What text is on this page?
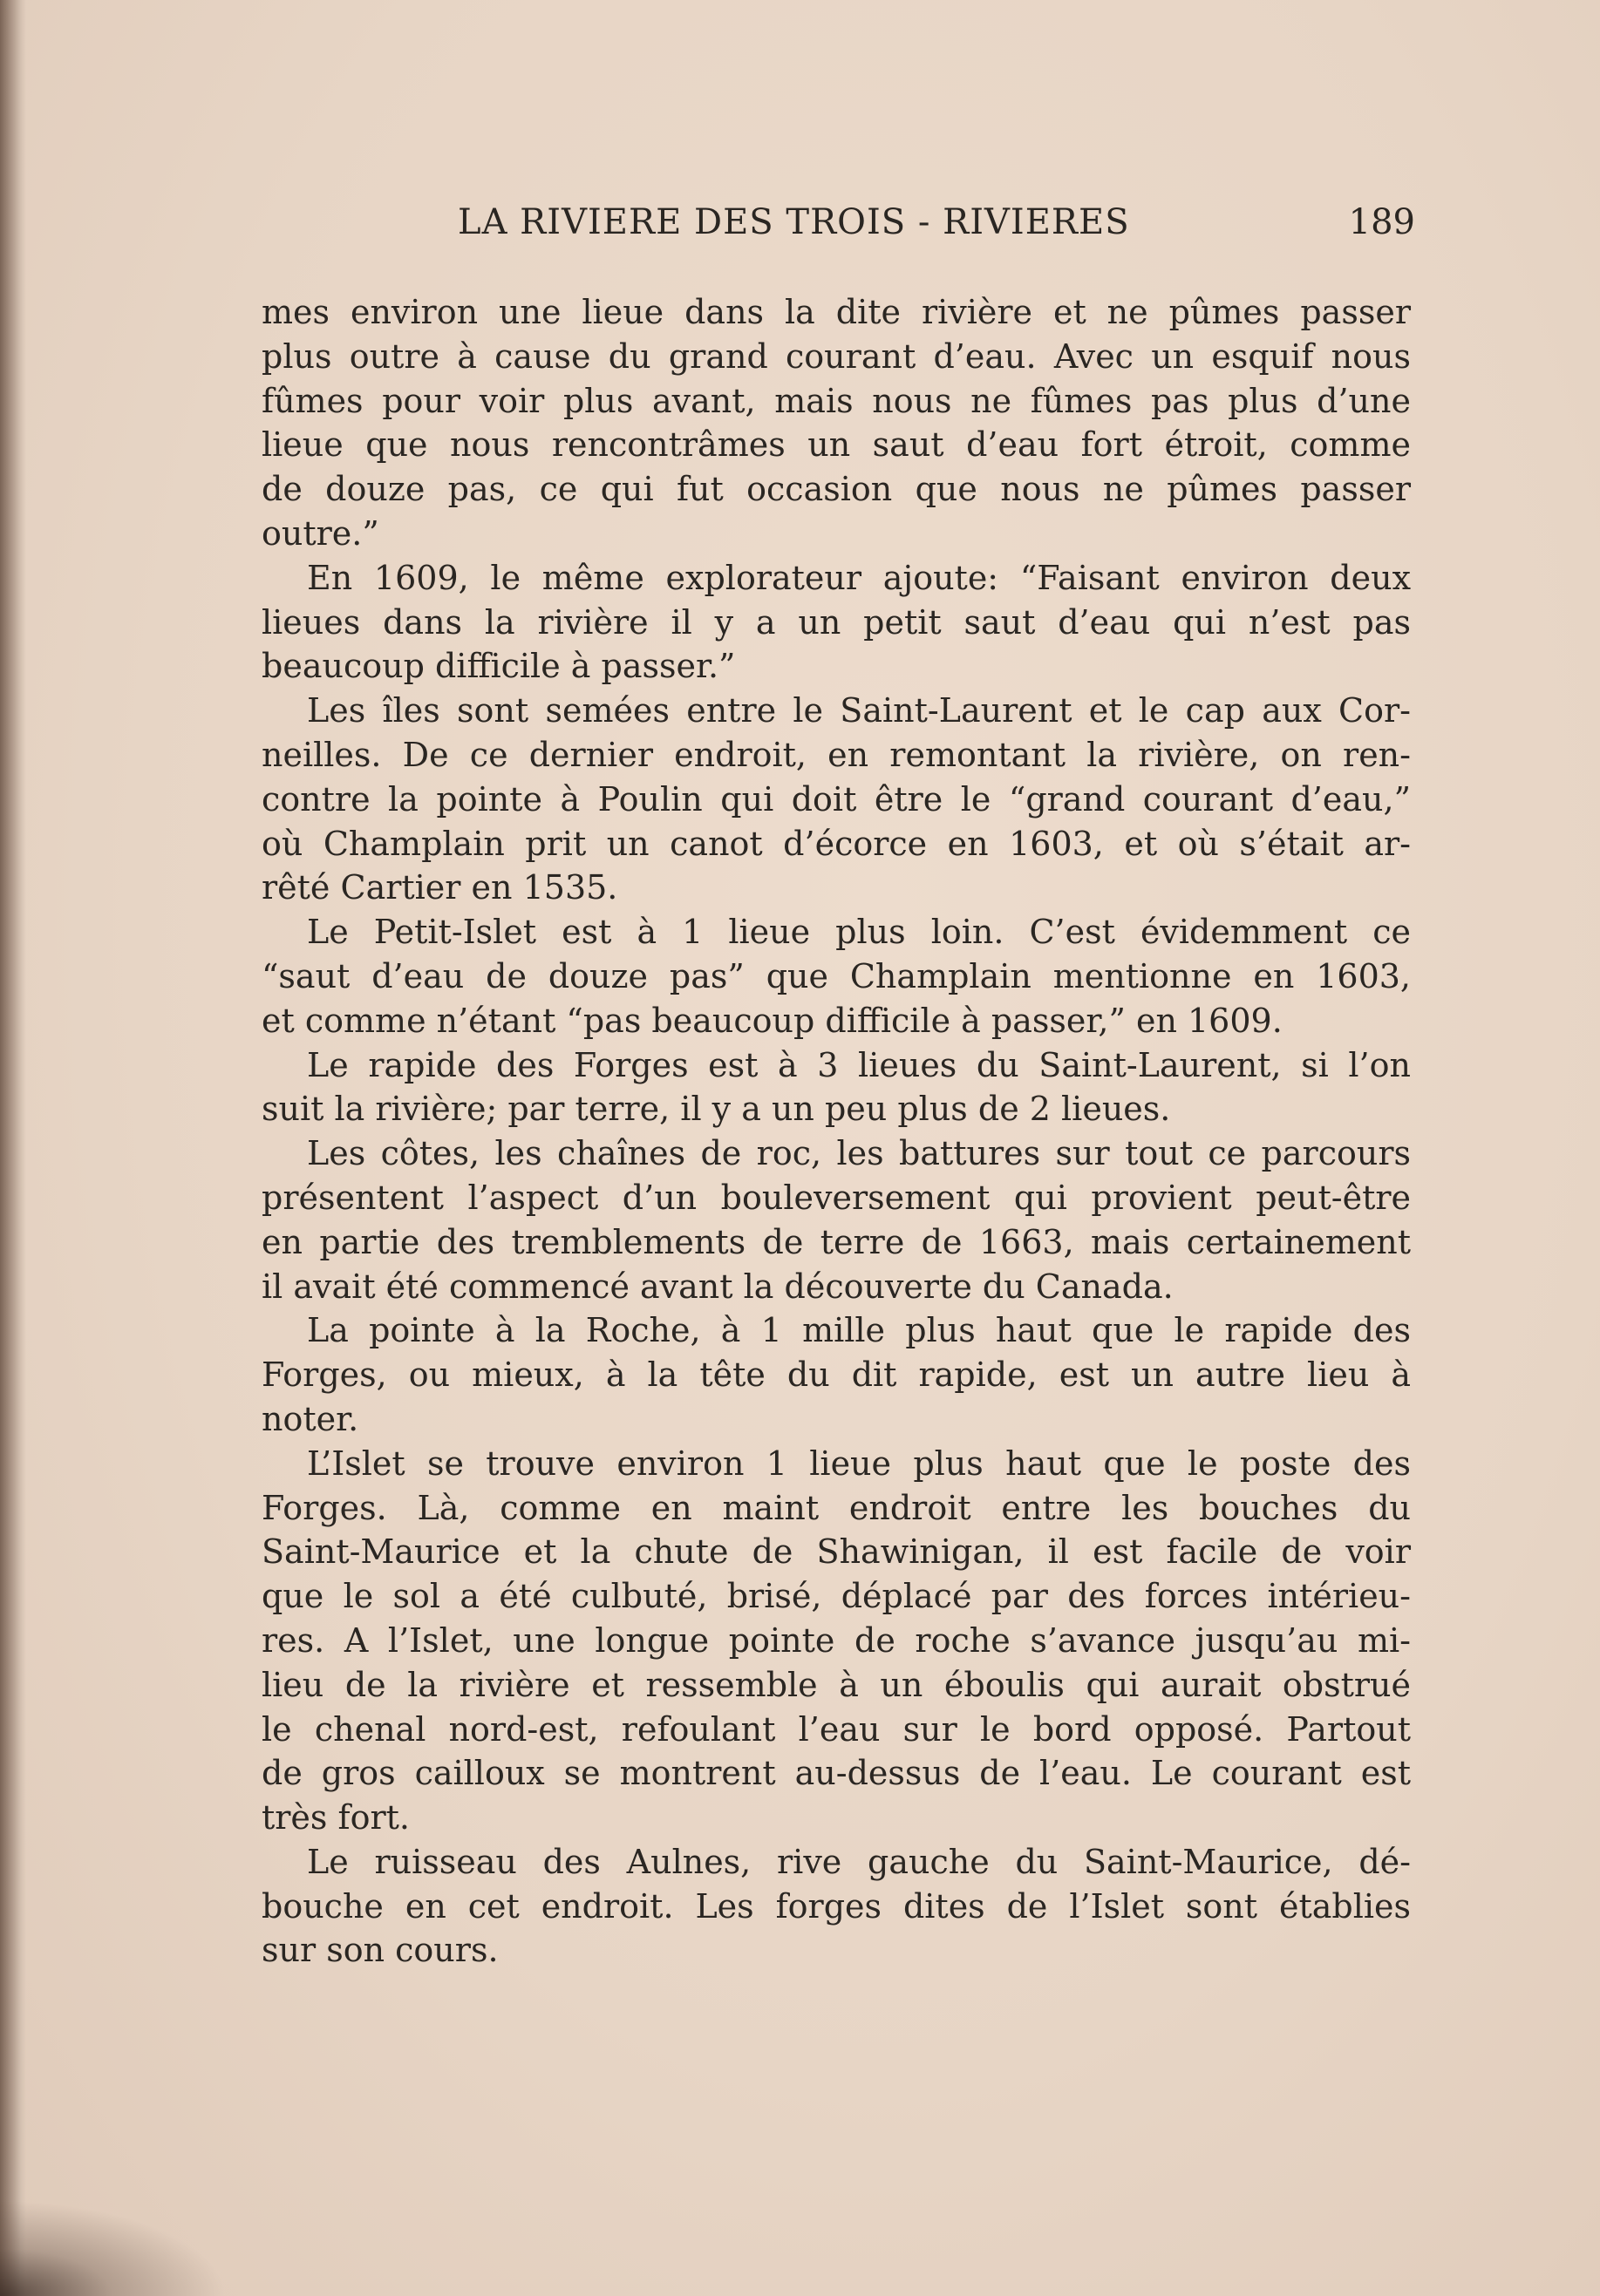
LA RIVIERE DES TROIS - RIVIERES	189
mes environ une lieue dans la dite rivière et ne pûmes passer
plus outre à cause du grand courant d’eau. Avec un esquif nous
fûmes pour voir plus avant, mais nous ne fûmes pas plus d’une
lieue que nous rencontrâmes un saut d’eau fort étroit, comme
de douze pas, ce qui fut occasion que nous ne pûmes passer
outre.”
En 1609, le même explorateur ajoute: “Faisant environ deux
lieues dans la rivière il y a un petit saut d’eau qui n’est pas
beaucoup difficile à passer.”
Les îles sont semées entre le Saint-Laurent et le cap aux Cor-
neilles. De ce dernier endroit, en remontant la rivière, on ren-
contre la pointe à Poulin qui doit être le “grand courant d’eau,”
où Champlain prit un canot d’écorce en 1603, et où s’était ar-
rêté Cartier en 1535.
Le Petit-Islet est à 1 lieue plus loin. C’est évidemment ce
“saut d’eau de douze pas” que Champlain mentionne en 1603,
et comme n’étant “pas beaucoup difficile à passer,” en 1609.
Le rapide des Forges est à 3 lieues du Saint-Laurent, si l’on
suit la rivière; par terre, il y a un peu plus de 2 lieues.
Les côtes, les chaînes de roc, les battures sur tout ce parcours
présentent l’aspect d’un bouleversement qui provient peut-être
en partie des tremblements de terre de 1663, mais certainement
il avait été commencé avant la découverte du Canada.
La pointe à la Roche, à 1 mille plus haut que le rapide des
Forges, ou mieux, à la tête du dit rapide, est un autre lieu à
noter.
L’Islet se trouve environ 1 lieue plus haut que le poste des
Forges. Là, comme en maint endroit entre les bouches du
Saint-Maurice et la chute de Shawinigan, il est facile de voir
que le sol a été culbuté, brisé, déplacé par des forces intérieu-
res. A l’Islet, une longue pointe de roche s’avance jusqu’au mi-
lieu de la rivière et ressemble à un éboulis qui aurait obstrué
le chenal nord-est, refoulant l’eau sur le bord opposé. Partout
de gros cailloux se montrent au-dessus de l’eau. Le courant est
très fort.
Le ruisseau des Aulnes, rive gauche du Saint-Maurice, dé-
bouche en cet endroit. Les forges dites de l’Islet sont établies
sur son cours.
